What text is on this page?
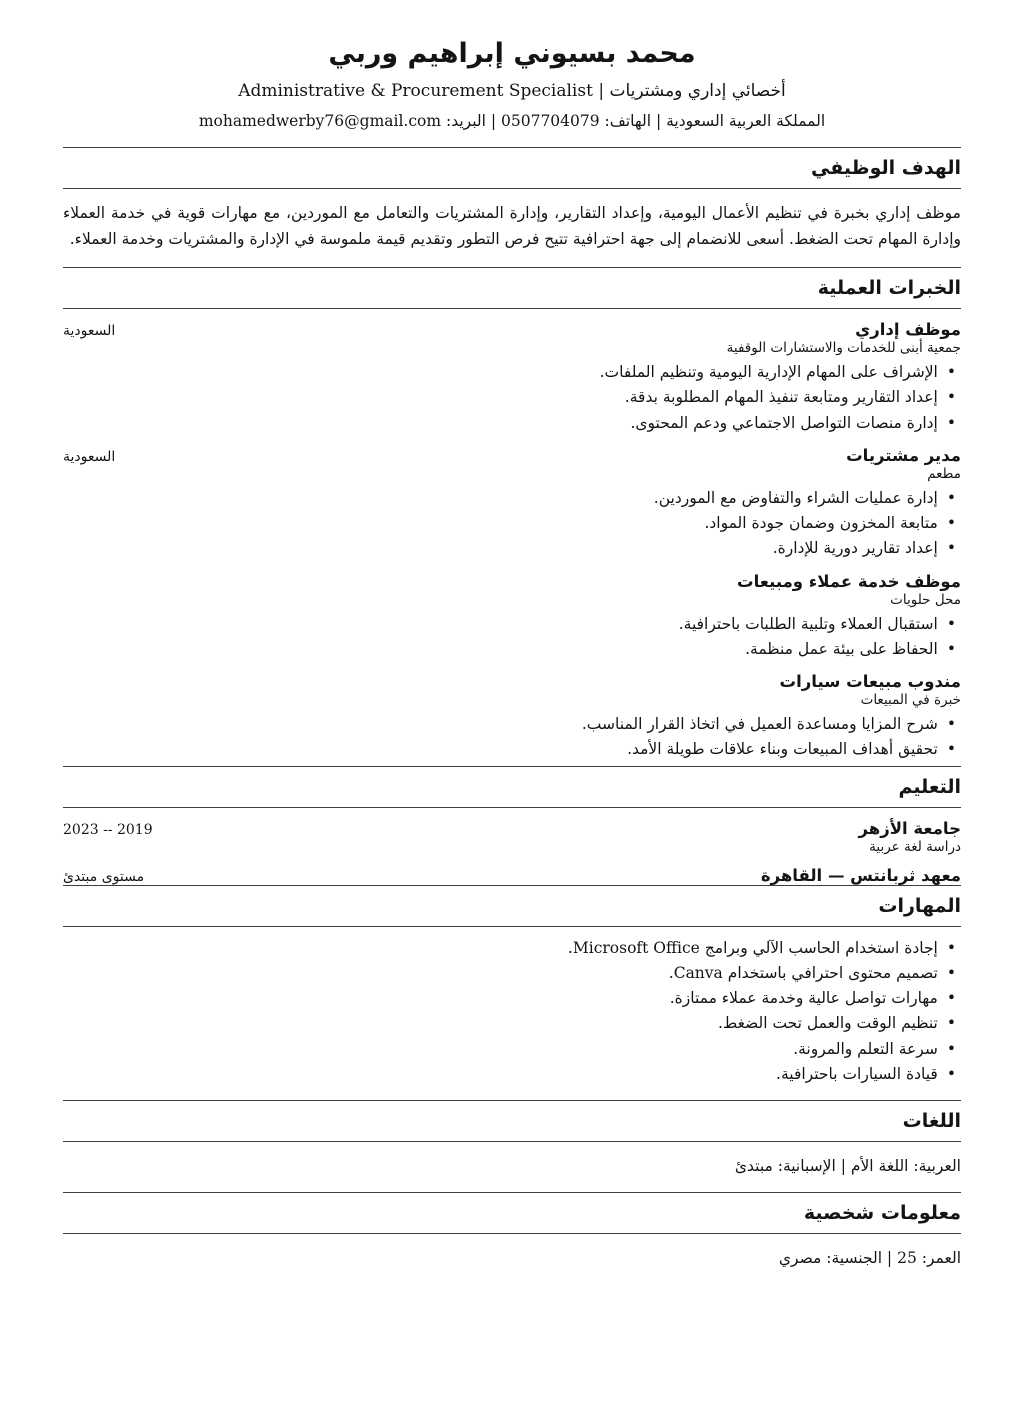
محمد بسيوني إبراهيم وربي

أخصائي إداري ومشتريات | Administrative & Procurement Specialist

المملكة العربية السعودية | الهاتف: 0507704079 | البريد: mohamedwerby76@gmail.com

الهدف الوظيفي

موظف إداري بخبرة في تنظيم الأعمال اليومية، وإعداد التقارير، وإدارة المشتريات والتعامل مع الموردين، مع مهارات قوية في خدمة العملاء وإدارة المهام تحت الضغط. أسعى للانضمام إلى جهة احترافية تتيح فرص التطور وتقديم قيمة ملموسة في الإدارة والمشتريات وخدمة العملاء.

الخبرات العملية
موظف إداري
السعودية

جمعية أبنى للخدمات والاستشارات الوقفية

•
الإشراف على المهام الإدارية اليومية وتنظيم الملفات.
•
إعداد التقارير ومتابعة تنفيذ المهام المطلوبة بدقة.
•
إدارة منصات التواصل الاجتماعي ودعم المحتوى.
مدير مشتريات
السعودية

مطعم

•
إدارة عمليات الشراء والتفاوض مع الموردين.
•
متابعة المخزون وضمان جودة المواد.
•
إعداد تقارير دورية للإدارة.
موظف خدمة عملاء ومبيعات

محل حلويات

•
استقبال العملاء وتلبية الطلبات باحترافية.
•
الحفاظ على بيئة عمل منظمة.
مندوب مبيعات سيارات

خبرة في المبيعات

•
شرح المزايا ومساعدة العميل في اتخاذ القرار المناسب.
•
تحقيق أهداف المبيعات وبناء علاقات طويلة الأمد.
التعليم
جامعة الأزهر
2023 -- 2019

دراسة لغة عربية

معهد ثربانتس — القاهرة
مستوى مبتدئ
المهارات
•
إجادة استخدام الحاسب الآلي وبرامج Microsoft Office.
•
تصميم محتوى احترافي باستخدام Canva.
•
مهارات تواصل عالية وخدمة عملاء ممتازة.
•
تنظيم الوقت والعمل تحت الضغط.
•
سرعة التعلم والمرونة.
•
قيادة السيارات باحترافية.
اللغات

العربية: اللغة الأم | الإسبانية: مبتدئ

معلومات شخصية

العمر: 25 | الجنسية: مصري
